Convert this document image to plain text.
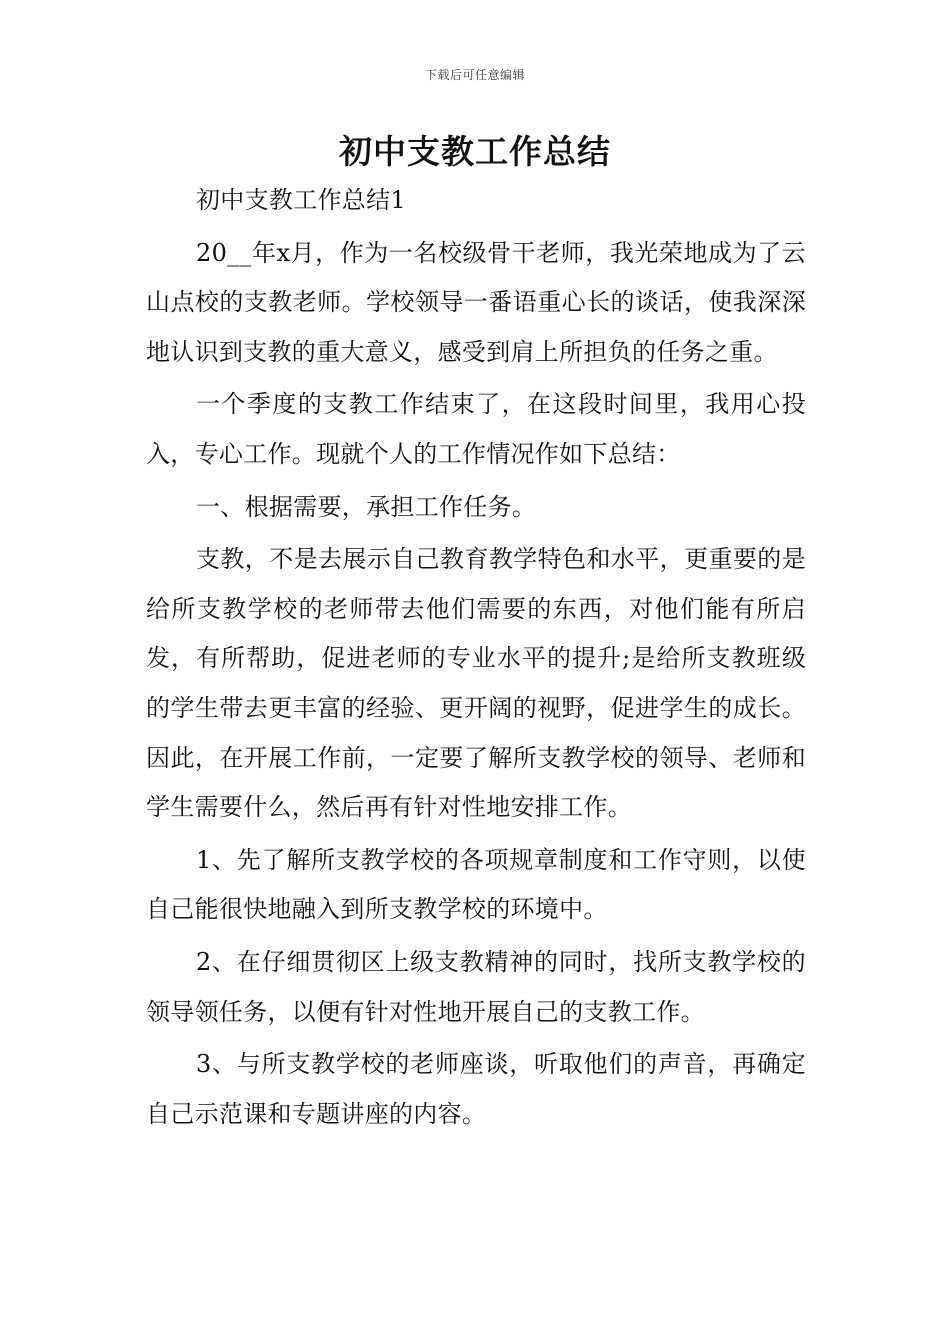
下载后可任意编辑
初中支教工作总结

初中支教工作总结1

20__年x月，作为一名校级骨干老师，我光荣地成为了云山点校的支教老师。学校领导一番语重心长的谈话，使我深深地认识到支教的重大意义，感受到肩上所担负的任务之重。

一个季度的支教工作结束了，在这段时间里，我用心投入，专心工作。现就个人的工作情况作如下总结：

一、根据需要，承担工作任务。

支教，不是去展示自己教育教学特色和水平，更重要的是给所支教学校的老师带去他们需要的东西，对他们能有所启发，有所帮助，促进老师的专业水平的提升;是给所支教班级的学生带去更丰富的经验、更开阔的视野，促进学生的成长。因此，在开展工作前，一定要了解所支教学校的领导、老师和学生需要什么，然后再有针对性地安排工作。

1、先了解所支教学校的各项规章制度和工作守则，以使自己能很快地融入到所支教学校的环境中。

2、在仔细贯彻区上级支教精神的同时，找所支教学校的领导领任务，以便有针对性地开展自己的支教工作。

3、与所支教学校的老师座谈，听取他们的声音，再确定自己示范课和专题讲座的内容。
